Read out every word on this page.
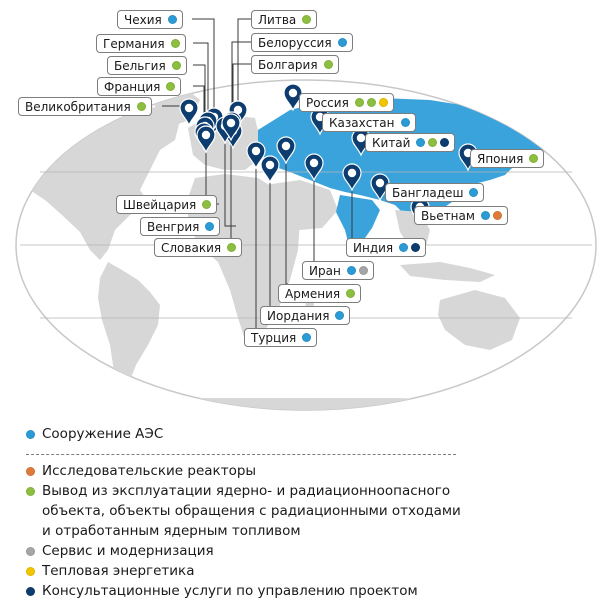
Чехия
Германия
Бельгия
Франция
Великобритания
Литва
Белоруссия
Болгария
Россия
Казахстан
Китай
Япония
Бангладеш
Вьетнам
Индия
Иран
Армения
Иордания
Турция
Швейцария
Венгрия
Словакия
Сооружение АЭС
Исследовательские реакторы
Вывод из эксплуатации ядерно- и радиационноопасного объекта, объекты обращения с радиационными отходами и отработанным ядерным топливом
Сервис и модернизация
Тепловая энергетика
Консультационные услуги по управлению проектом
